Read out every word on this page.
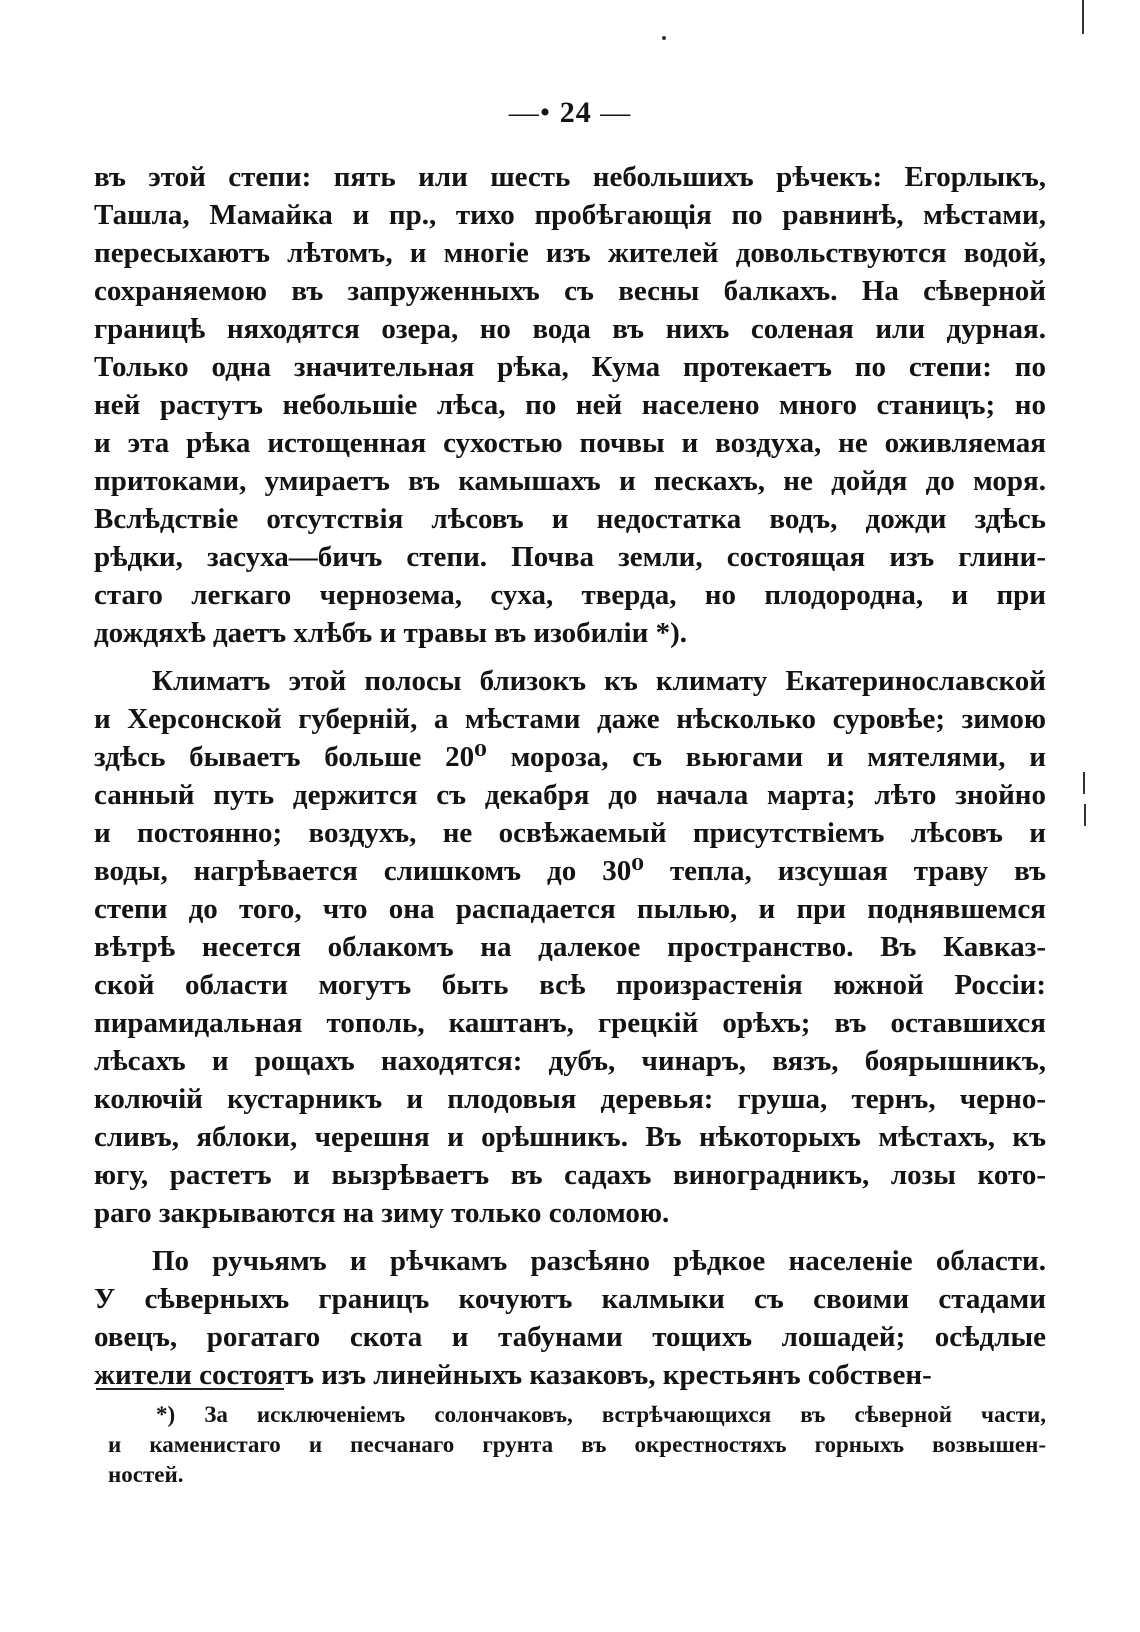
—• 24 —
въ этой степи: пять или шесть небольшихъ рѣчекъ: Егорлыкъ,
Ташла, Мамайка и пр., тихо пробѣгающія по равнинѣ, мѣстами,
пересыхаютъ лѣтомъ, и многіе изъ жителей довольствуются водой,
сохраняемою въ запруженныхъ съ весны балкахъ. На сѣверной
границѣ няходятся озера, но вода въ нихъ соленая или дурная.
Только одна значительная рѣка, Кума протекаетъ по степи: по
ней растутъ небольшіе лѣса, по ней населено много станицъ; но
и эта рѣка истощенная сухостью почвы и воздуха, не оживляемая
притоками, умираетъ въ камышахъ и пескахъ, не дойдя до моря.
Вслѣдствіе отсутствія лѣсовъ и недостатка водъ, дожди здѣсь
рѣдки, засуха—бичъ степи. Почва земли, состоящая изъ глини-
стаго легкаго чернозема, суха, тверда, но плодородна, и при
дождяхѣ даетъ хлѣбъ и травы въ изобиліи *).
Климатъ этой полосы близокъ къ климату Екатеринославской
и Херсонской губерній, а мѣстами даже нѣсколько суровѣе; зимою
здѣсь бываетъ больше 20⁰ мороза, съ вьюгами и мятелями, и
санный путь держится съ декабря до начала марта; лѣто знойно
и постоянно; воздухъ, не освѣжаемый присутствіемъ лѣсовъ и
воды, нагрѣвается слишкомъ до 30⁰ тепла, изсушая траву въ
степи до того, что она распадается пылью, и при поднявшемся
вѣтрѣ несется облакомъ на далекое пространство. Въ Кавказ-
ской области могутъ быть всѣ произрастенія южной Россіи:
пирамидальная тополь, каштанъ, грецкій орѣхъ; въ оставшихся
лѣсахъ и рощахъ находятся: дубъ, чинаръ, вязъ, боярышникъ,
колючій кустарникъ и плодовыя деревья: груша, тернъ, черно-
сливъ, яблоки, черешня и орѣшникъ. Въ нѣкоторыхъ мѣстахъ, къ
югу, растетъ и вызрѣваетъ въ садахъ виноградникъ, лозы кото-
раго закрываются на зиму только соломою.
По ручьямъ и рѣчкамъ разсѣяно рѣдкое населеніе области.
У сѣверныхъ границъ кочуютъ калмыки съ своими стадами
овецъ, рогатаго скота и табунами тощихъ лошадей; осѣдлые
жители состоятъ изъ линейныхъ казаковъ, крестьянъ собствен-
*) За исключеніемъ солончаковъ, встрѣчающихся въ сѣверной части,
и каменистаго и песчанаго грунта въ окрестностяхъ горныхъ возвышен-
ностей.
